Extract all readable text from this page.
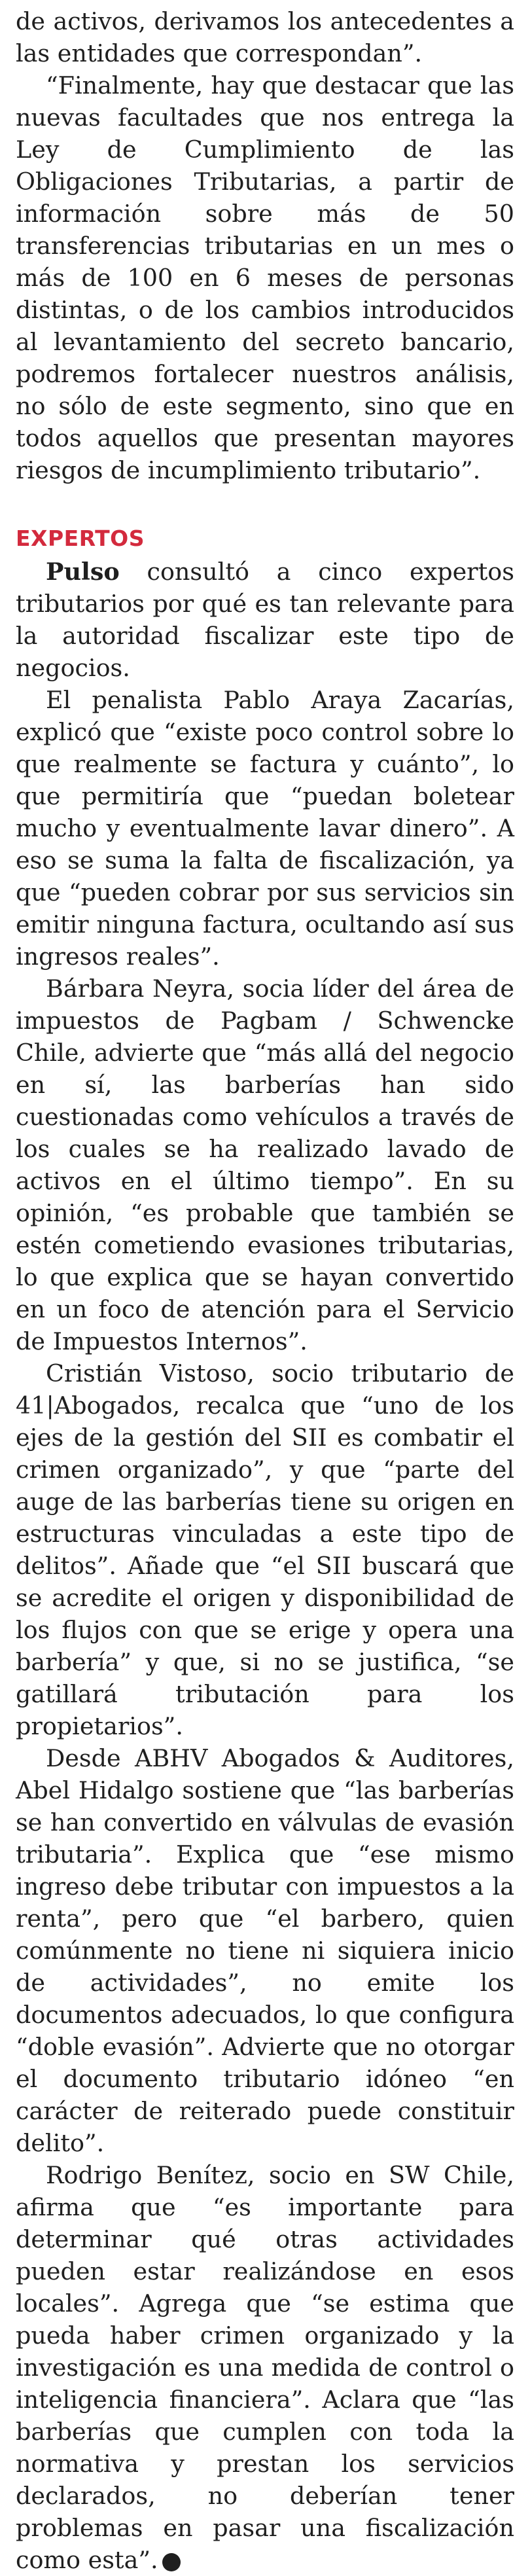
de activos, derivamos los antecedentes a las entidades que correspondan”.

“Finalmente, hay que destacar que las nuevas facultades que nos entrega la Ley de Cumplimiento de las Obligaciones Tributarias, a partir de información sobre más de 50 transferencias tributarias en un mes o más de 100 en 6 meses de personas distintas, o de los cambios introducidos al levantamiento del secreto bancario, podremos fortalecer nuestros análisis, no sólo de este segmento, sino que en todos aquellos que presentan mayores riesgos de incumplimiento tributario”.

EXPERTOS

Pulso consultó a cinco expertos tributarios por qué es tan relevante para la autoridad fiscalizar este tipo de negocios.

El penalista Pablo Araya Zacarías, explicó que “existe poco control sobre lo que realmente se factura y cuánto”, lo que permitiría que “puedan boletear mucho y eventualmente lavar dinero”. A eso se suma la falta de fiscalización, ya que “pueden cobrar por sus servicios sin emitir ninguna factura, ocultando así sus ingresos reales”.

Bárbara Neyra, socia líder del área de impuestos de Pagbam / Schwencke Chile, advierte que “más allá del negocio en sí, las barberías han sido cuestionadas como vehículos a través de los cuales se ha realizado lavado de activos en el último tiempo”. En su opinión, “es probable que también se estén cometiendo evasiones tributarias, lo que explica que se hayan convertido en un foco de atención para el Servicio de Impuestos Internos”.

Cristián Vistoso, socio tributario de 41|Abogados, recalca que “uno de los ejes de la gestión del SII es combatir el crimen organizado”, y que “parte del auge de las barberías tiene su origen en estructuras vinculadas a este tipo de delitos”. Añade que “el SII buscará que se acredite el origen y disponibilidad de los flujos con que se erige y opera una barbería” y que, si no se justifica, “se gatillará tributación para los propietarios”.

Desde ABHV Abogados & Auditores, Abel Hidalgo sostiene que “las barberías se han convertido en válvulas de evasión tributaria”. Explica que “ese mismo ingreso debe tributar con impuestos a la renta”, pero que “el barbero, quien comúnmente no tiene ni siquiera inicio de actividades”, no emite los documentos adecuados, lo que configura “doble evasión”. Advierte que no otorgar el documento tributario idóneo “en carácter de reiterado puede constituir delito”.

Rodrigo Benítez, socio en SW Chile, afirma que “es importante para determinar qué otras actividades pueden estar realizándose en esos locales”. Agrega que “se estima que pueda haber crimen organizado y la investigación es una medida de control o inteligencia financiera”. Aclara que “las barberías que cumplen con toda la normativa y prestan los servicios declarados, no deberían tener problemas en pasar una fiscalización como esta”.	P
